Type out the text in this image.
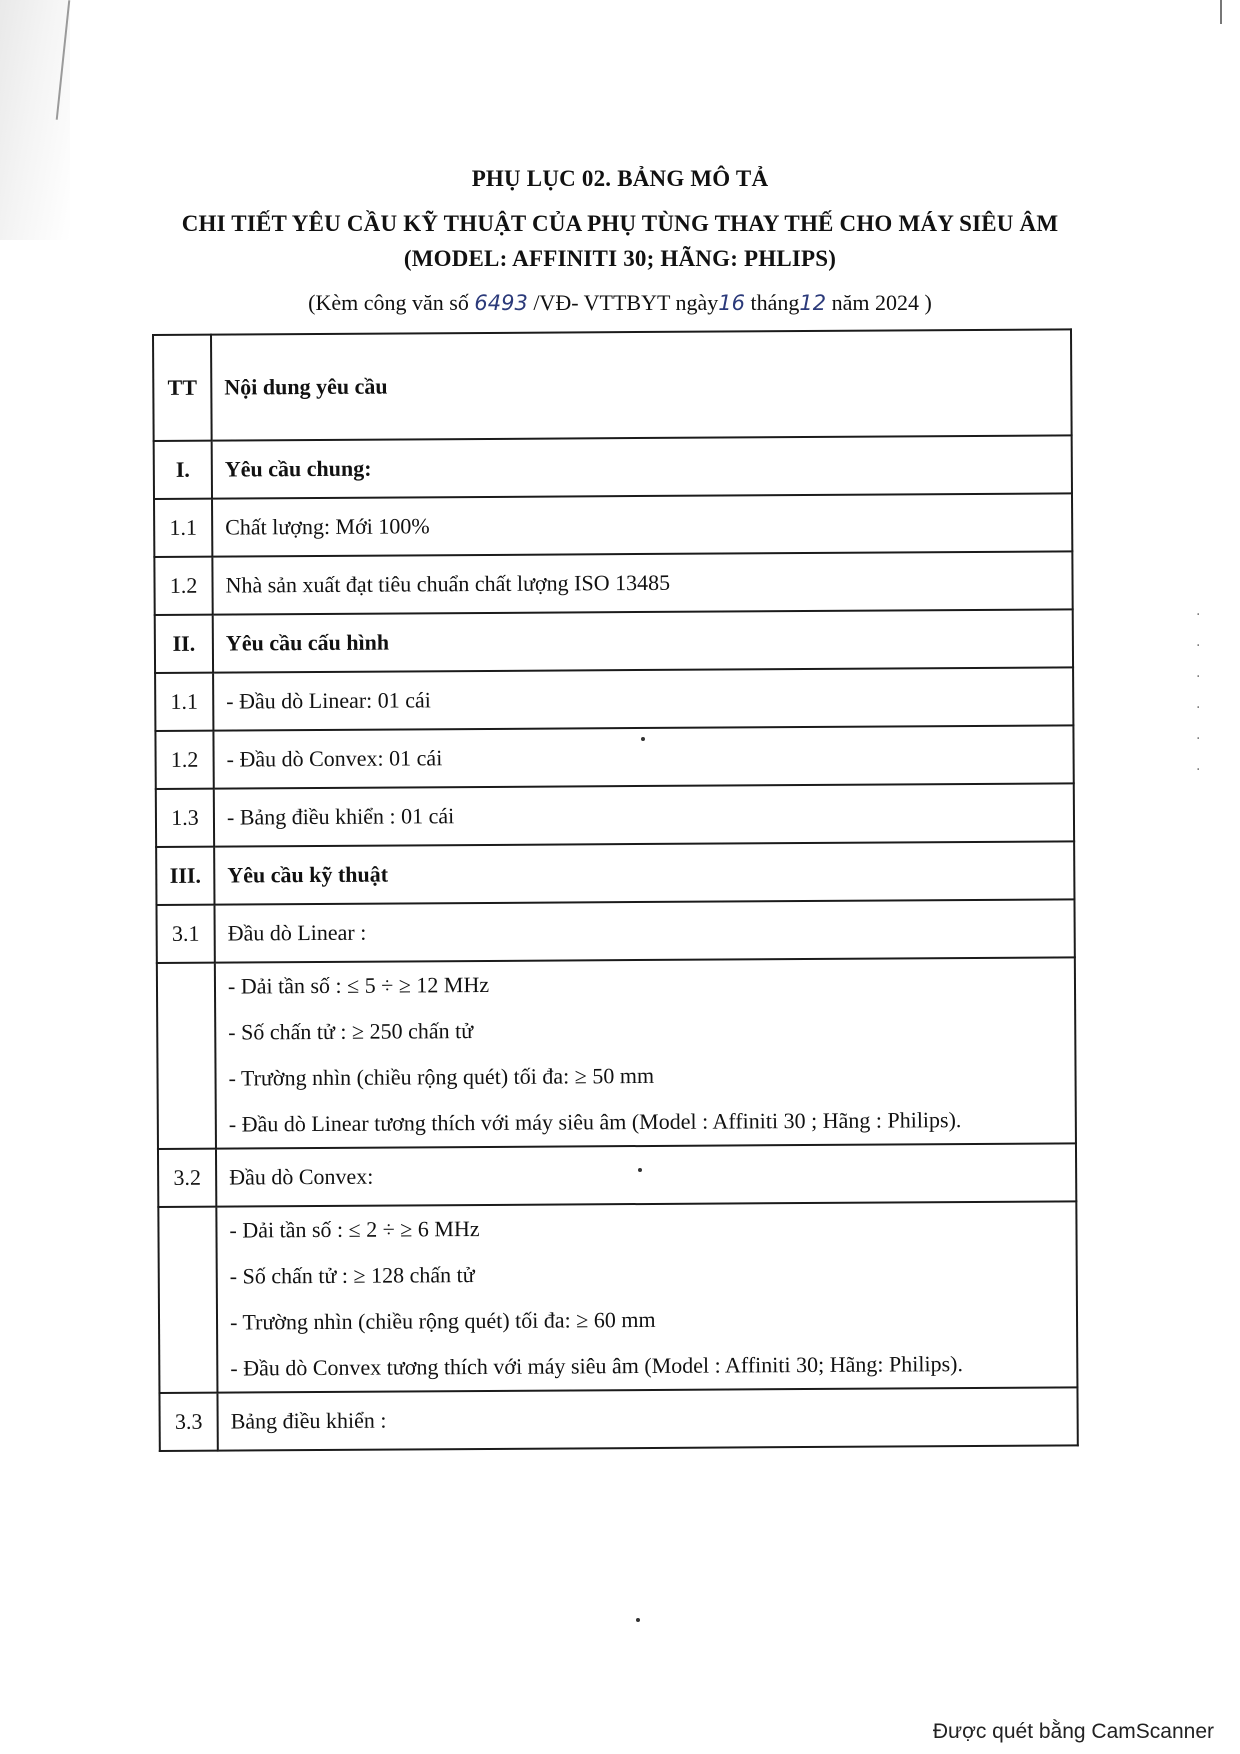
PHỤ LỤC 02. BẢNG MÔ TẢ
CHI TIẾT YÊU CẦU KỸ THUẬT CỦA PHỤ TÙNG THAY THẾ CHO MÁY SIÊU ÂM
(MODEL: AFFINITI 30; HÃNG: PHLIPS)
(Kèm công văn số 6493 /VĐ- VTTBYT ngày16 tháng12 năm 2024 )
TT	Nội dung yêu cầu
I.	Yêu cầu chung:
1.1	Chất lượng: Mới 100%
1.2	Nhà sản xuất đạt tiêu chuẩn chất lượng ISO 13485
II.	Yêu cầu cấu hình
1.1	- Đầu dò Linear: 01 cái
1.2	- Đầu dò Convex: 01 cái
1.3	- Bảng điều khiển : 01 cái
III.	Yêu cầu kỹ thuật
3.1	Đầu dò Linear :

	- Dải tần số : ≤ 5 ÷ ≥ 12 MHz
- Số chấn tử : ≥ 250 chấn tử
- Trường nhìn (chiều rộng quét) tối đa: ≥ 50 mm
- Đầu dò Linear tương thích với máy siêu âm (Model : Affiniti 30 ; Hãng : Philips).

3.2	Đầu dò Convex:

	- Dải tần số : ≤ 2 ÷ ≥ 6 MHz
- Số chấn tử : ≥ 128 chấn tử
- Trường nhìn (chiều rộng quét) tối đa: ≥ 60 mm
- Đầu dò Convex tương thích với máy siêu âm (Model : Affiniti 30; Hãng: Philips).

3.3	Bảng điều khiển :
·
·
·
·
·
·
Được quét bằng CamScanner
